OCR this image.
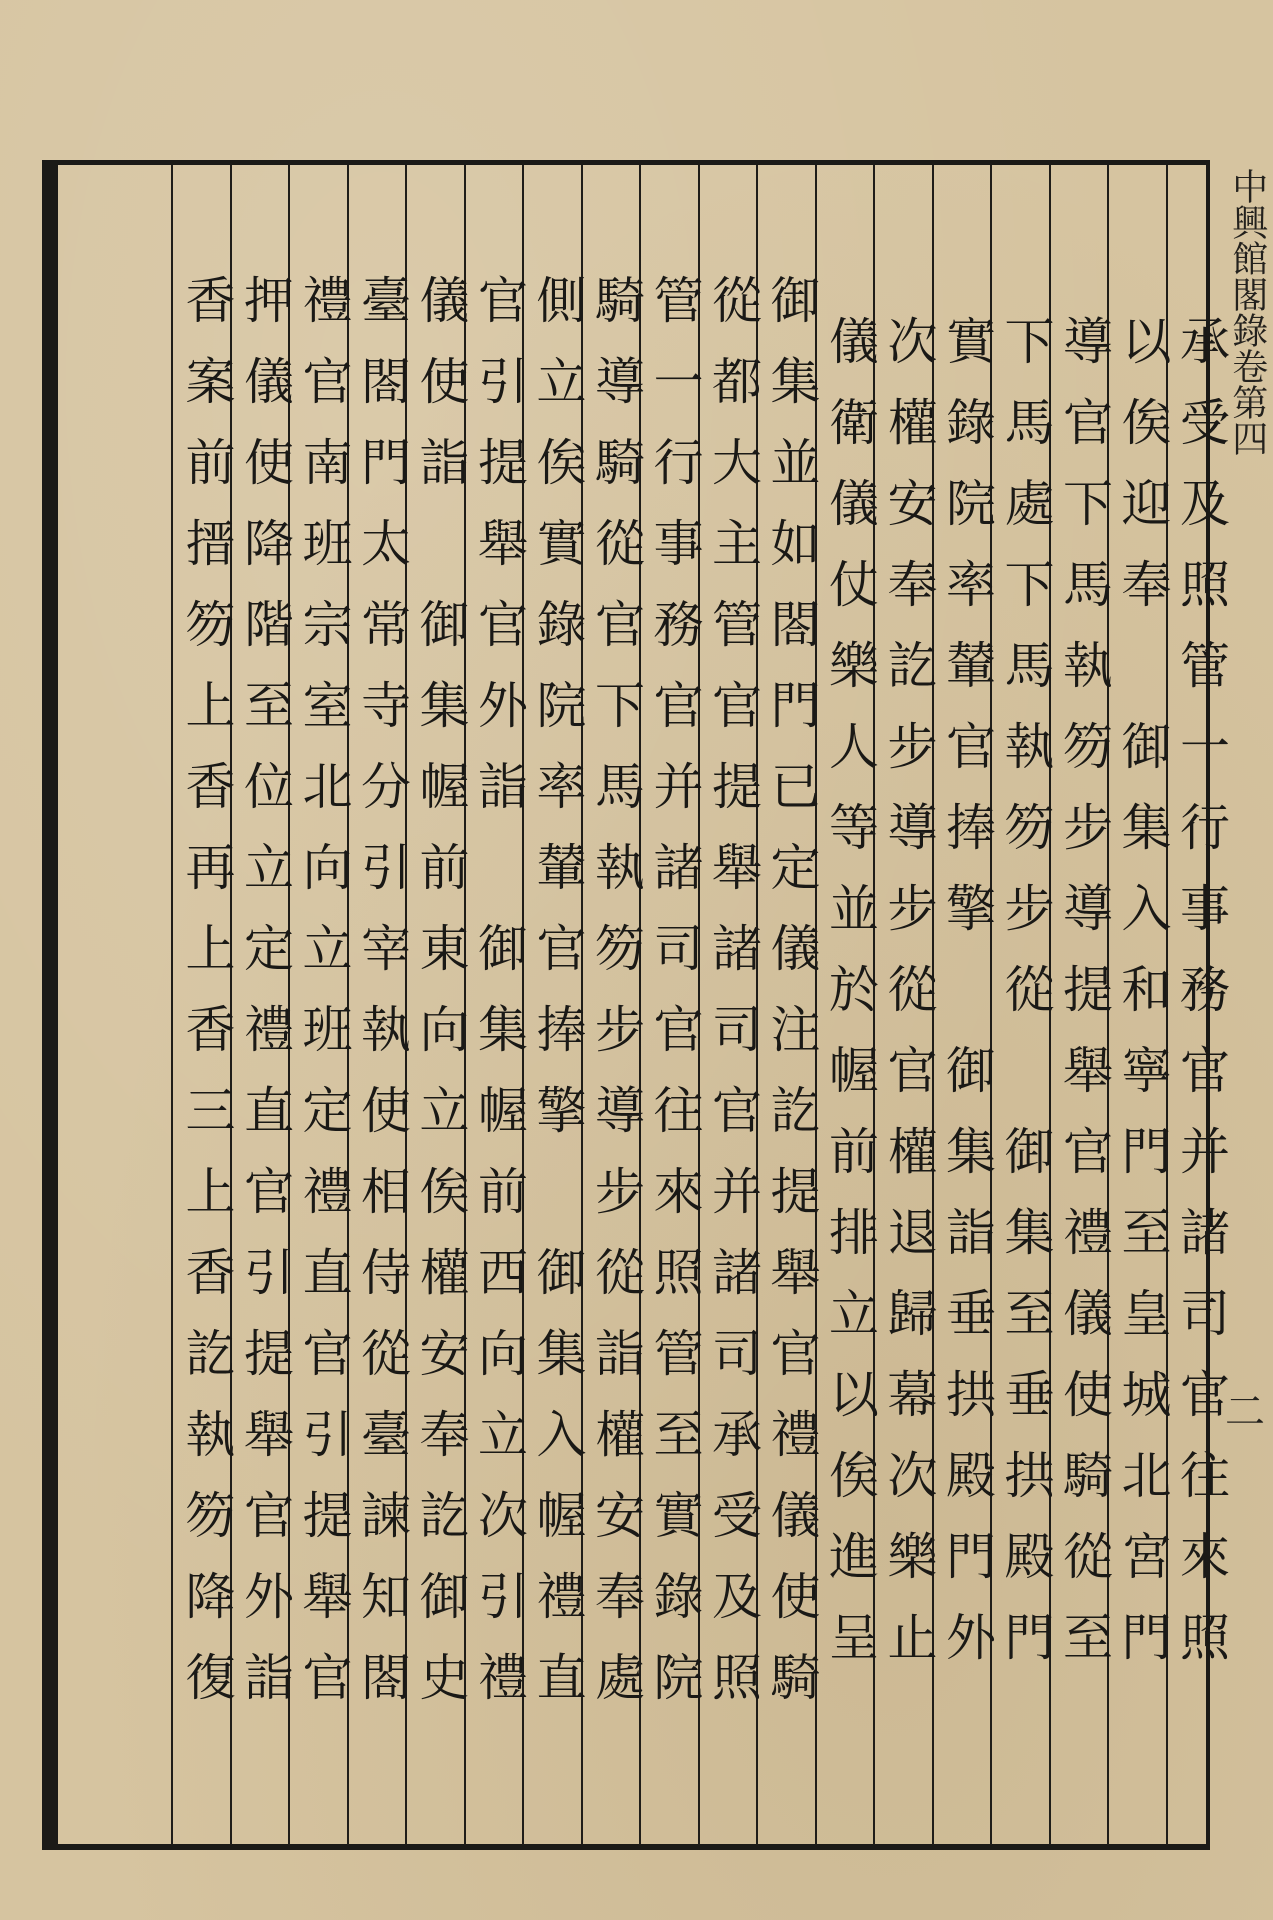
承受及照管一行事務官并諸司官往來照
以俟迎奉　御集入和寧門至皇城北宮門
導官下馬執笏步導提舉官禮儀使騎從至
下馬處下馬執笏步從　御集至垂拱殿門
實錄院率輦官捧擎　御集詣垂拱殿門外
次權安奉訖步導步從官權退歸幕次樂止
儀衛儀仗樂人等並於幄前排立以俟進呈
御集並如閤門已定儀注訖提舉官禮儀使騎
從都大主管官提舉諸司官并諸司承受及照
管一行事務官并諸司官往來照管至實錄院
騎導騎從官下馬執笏步導步從詣權安奉處
側立俟實錄院率輦官捧擎　御集入幄禮直
官引提舉官外詣　御集幄前西向立次引禮
儀使詣　御集幄前東向立俟權安奉訖御史
臺閤門太常寺分引宰執使相侍從臺諫知閤
禮官南班宗室北向立班定禮直官引提舉官
押儀使降階至位立定禮直官引提舉官外詣
香案前搢笏上香再上香三上香訖執笏降復	中興館閣錄卷第四
二
